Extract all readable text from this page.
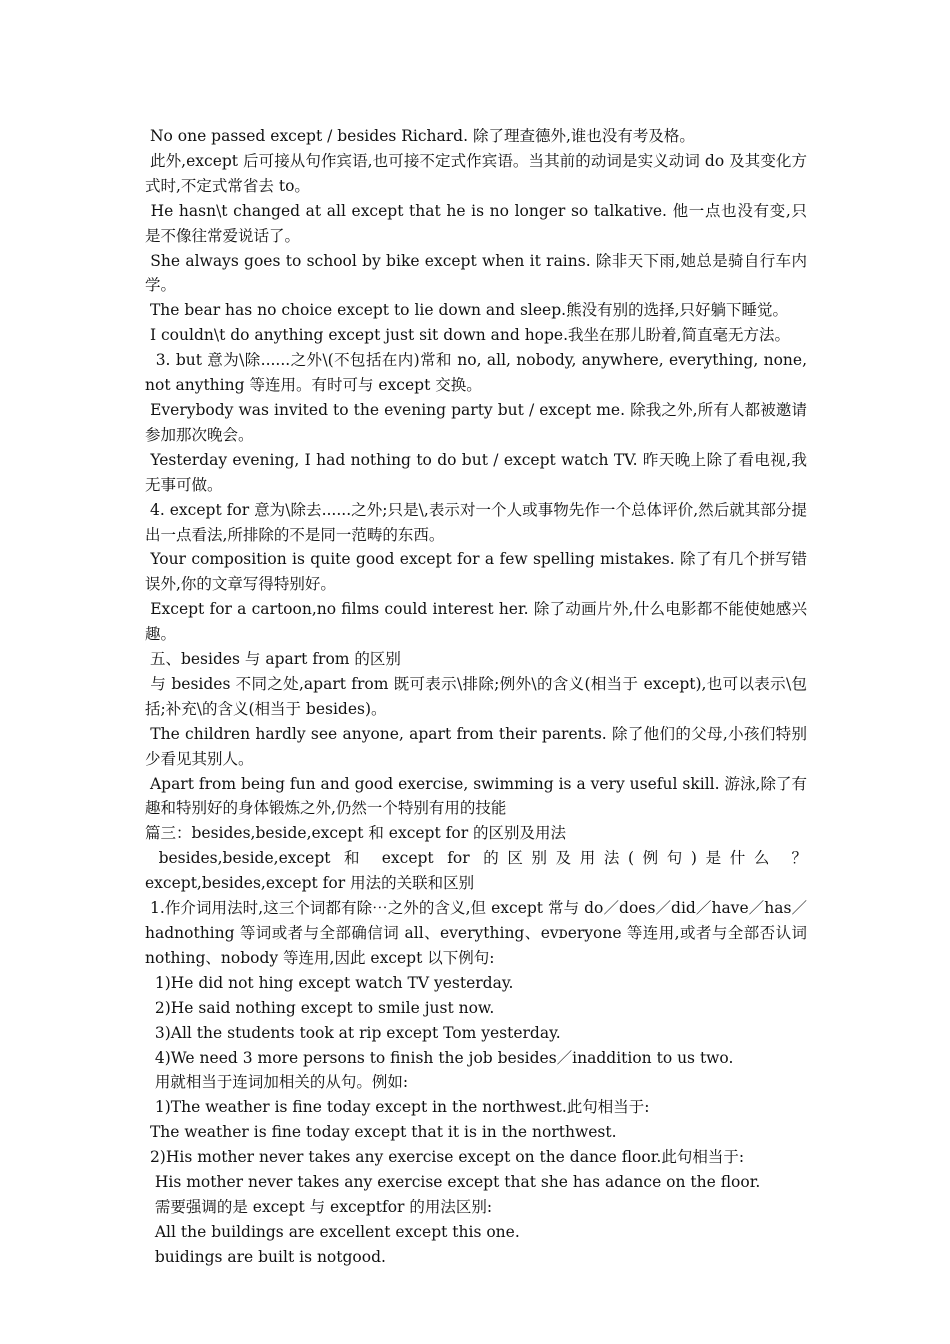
No one passed except / besides Richard. 除了理查德外,谁也没有考及格。

此外,except 后可接从句作宾语,也可接不定式作宾语。当其前的动词是实义动词 do 及其变化方式时,不定式常省去 to。

He hasn\t changed at all except that he is no longer so talkative. 他一点也没有变,只是不像往常爱说话了。

She always goes to school by bike except when it rains. 除非天下雨,她总是骑自行车内学。

The bear has no choice except to lie down and sleep.熊没有别的选择,只好躺下睡觉。

I couldn\t do anything except just sit down and hope.我坐在那儿盼着,简直毫无方法。

3. but 意为\除......之外\(不包括在内)常和 no, all, nobody, anywhere, everything, none, not anything 等连用。有时可与 except 交换。

Everybody was invited to the evening party but / except me. 除我之外,所有人都被邀请参加那次晚会。

Yesterday evening, I had nothing to do but / except watch TV. 昨天晚上除了看电视,我无事可做。

4. except for 意为\除去......之外;只是\,表示对一个人或事物先作一个总体评价,然后就其部分提出一点看法,所排除的不是同一范畴的东西。

Your composition is quite good except for a few spelling mistakes. 除了有几个拼写错误外,你的文章写得特别好。

Except for a cartoon,no films could interest her. 除了动画片外,什么电影都不能使她感兴趣。

五、besides 与 apart from 的区别

与 besides 不同之处,apart from 既可表示\排除;例外\的含义(相当于 except),也可以表示\包括;补充\的含义(相当于 besides)。

The children hardly see anyone, apart from their parents. 除了他们的父母,小孩们特别少看见其别人。

Apart from being fun and good exercise, swimming is a very useful skill. 游泳,除了有趣和特别好的身体锻炼之外,仍然一个特别有用的技能

篇三：besides,beside,except 和 except for 的区别及用法

besides,beside,except 和 except for 的区别及用法(例句)是什么 ？  except,besides,except for 用法的关联和区别

1.作介词用法时,这三个词都有除⋯之外的含义,但 except 常与 do／does／did／have／has／hadnothing 等词或者与全部确信词 all、everything、evᴅeryone 等连用,或者与全部否认词 nothing、nobody 等连用,因此 except 以下例句:

1)He did not hing except watch TV yesterday.

2)He said nothing except to smile just now.

3)All the students took at rip except Tom yesterday.

4)We need 3 more persons to finish the job besides／inaddition to us two.

用就相当于连词加相关的从句。例如:

1)The weather is fine today except in the northwest.此句相当于:

The weather is fine today except that it is in the northwest.

2)His mother never takes any exercise except on the dance floor.此句相当于:

His mother never takes any exercise except that she has adance on the floor.

需要强调的是 except 与 exceptfor 的用法区别:

All the buildings are excellent except this one.

buidings are built is notgood.
